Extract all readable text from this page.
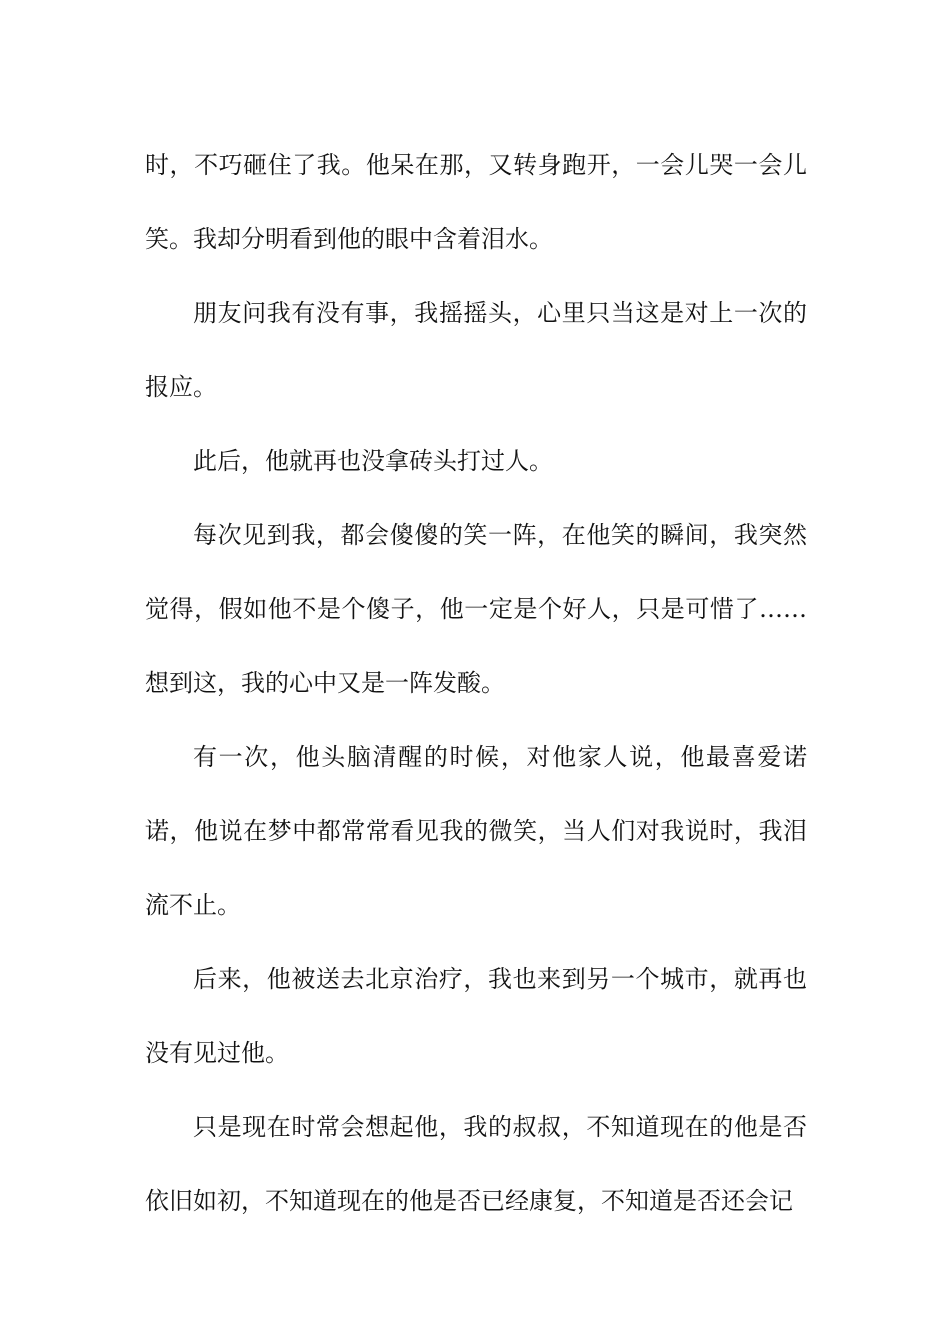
时，不巧砸住了我。他呆在那，又转身跑开，一会儿哭一会儿笑。我却分明看到他的眼中含着泪水。

朋友问我有没有事，我摇摇头，心里只当这是对上一次的报应。

此后，他就再也没拿砖头打过人。

每次见到我，都会傻傻的笑一阵，在他笑的瞬间，我突然觉得，假如他不是个傻子，他一定是个好人，只是可惜了……想到这，我的心中又是一阵发酸。

有一次，他头脑清醒的时候，对他家人说，他最喜爱诺诺，他说在梦中都常常看见我的微笑，当人们对我说时，我泪流不止。

后来，他被送去北京治疗，我也来到另一个城市，就再也没有见过他。

只是现在时常会想起他，我的叔叔，不知道现在的他是否依旧如初，不知道现在的他是否已经康复，不知道是否还会记
